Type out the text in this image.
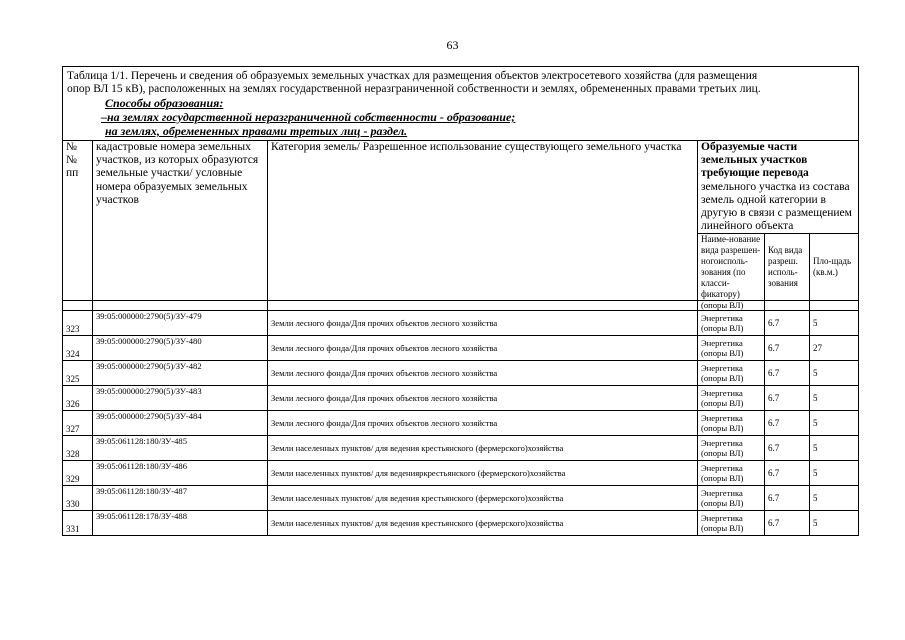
63
Таблица 1/1. Перечень и сведения об образуемых земельных участках для размещения объектов электросетевого хозяйства (для размещения
опор ВЛ 15 кВ), расположенных на землях государственной неразграниченной собственности и землях, обремененных правами третьих лиц.
Способы образования:
–на землях государственной неразграниченной собственности - образование;
на землях, обремененных правами третьих лиц - раздел.					

№ № пп	кадастровые номера земельных участков, из которых образуются земельные участки/ условные номера образуемых земельных участков	Категория земель/ Разрешенное использование существующего земельного участка	Образуемые части земельных участков требующие перевода земельного участка из состава земель одной категории в другую в связи с размещением линейного объекта		
			Наиме-нование вида разрешен-ногоисполь-зования (по класси-фикатору)	Код вида разреш. исполь-зования	Пло-щадь (кв.м.)
			(опоры ВЛ)		
323	39:05:000000:2790(5)/ЗУ-479	Земли лесного фонда/Для прочих объектов лесного хозяйства	Энергетика (опоры ВЛ)	6.7	5
324	39:05:000000:2790(5)/ЗУ-480	Земли лесного фонда/Для прочих объектов лесного хозяйства	Энергетика (опоры ВЛ)	6.7	27
325	39:05:000000:2790(5)/ЗУ-482	Земли лесного фонда/Для прочих объектов лесного хозяйства	Энергетика (опоры ВЛ)	6.7	5
326	39:05:000000:2790(5)/ЗУ-483	Земли лесного фонда/Для прочих объектов лесного хозяйства	Энергетика (опоры ВЛ)	6.7	5
327	39:05:000000:2790(5)/ЗУ-484	Земли лесного фонда/Для прочих объектов лесного хозяйства	Энергетика (опоры ВЛ)	6.7	5
328	39:05:061128:180/ЗУ-485	Земли населенных пунктов/ для ведения крестьянского (фермерского)хозяйства	Энергетика (опоры ВЛ)	6.7	5
329	39:05:061128:180/ЗУ-486	Земли населенных пунктов/ для веденияркрестьянского (фермерского)хозяйства	Энергетика (опоры ВЛ)	6.7	5
330	39:05:061128:180/ЗУ-487	Земли населенных пунктов/ для ведения крестьянского (фермерского)хозяйства	Энергетика (опоры ВЛ)	6.7	5
331	39:05:061128:178/ЗУ-488	Земли населенных пунктов/ для ведения крестьянского (фермерского)хозяйства	Энергетика (опоры ВЛ)	6.7	5
